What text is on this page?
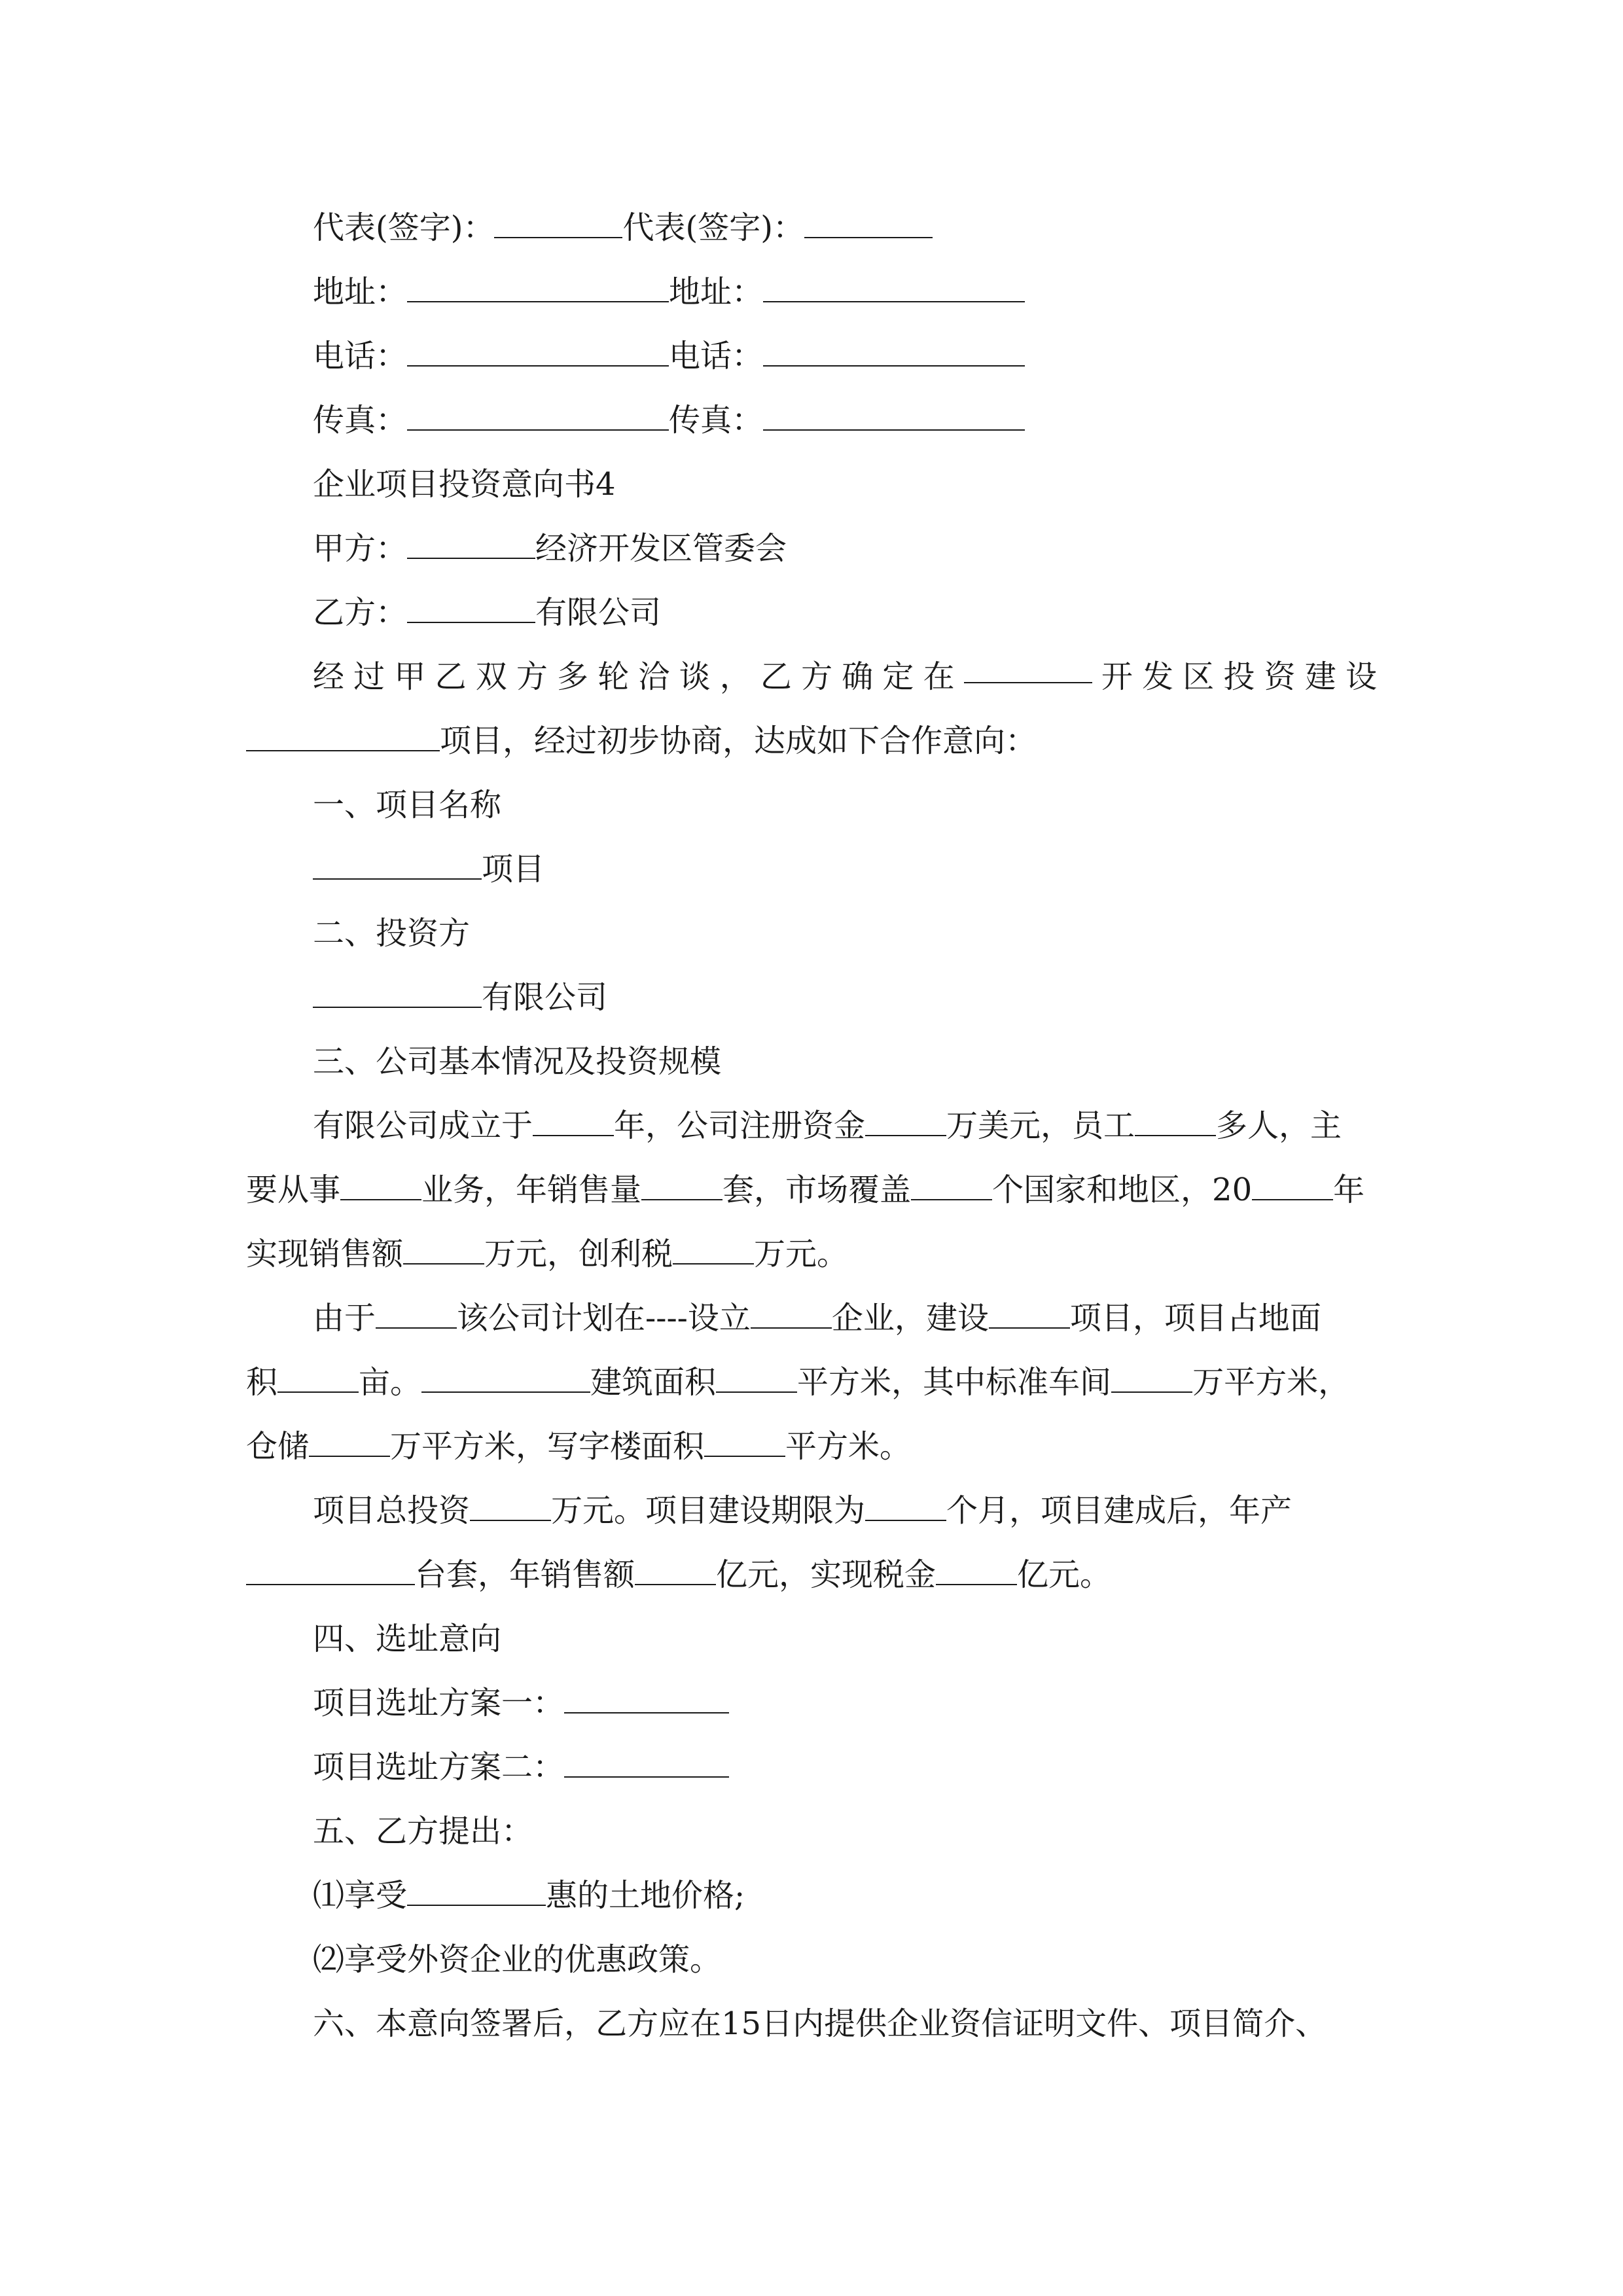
代表(签字)：	代表(签字)：
地址：	地址：
电话：	电话：
传真：	传真：
企业项目投资意向书4
甲方：	经济开发区管委会
乙方：	有限公司
经 过 甲 乙 双 方 多 轮 洽 谈 ， 乙 方 确 定 在	开 发 区 投 资 建 设
项目，经过初步协商，达成如下合作意向：
一、项目名称
项目
二、投资方
有限公司
三、公司基本情况及投资规模
有限公司成立于	年，公司注册资金	万美元，员工	多人，主
要从事	业务，年销售量	套，市场覆盖	个国家和地区，20	年
实现销售额	万元，创利税	万元。
由于	该公司计划在----设立	企业，建设	项目，项目占地面
积	亩。	建筑面积	平方米，其中标准车间	万平方米，
仓储	万平方米，写字楼面积	平方米。
项目总投资	万元。项目建设期限为	个月，项目建成后，年产
台套，年销售额	亿元，实现税金	亿元。
四、选址意向
项目选址方案一：
项目选址方案二：
五、乙方提出：
⑴享受	惠的土地价格;
⑵享受外资企业的优惠政策。
六、本意向签署后，乙方应在15日内提供企业资信证明文件、项目简介、
